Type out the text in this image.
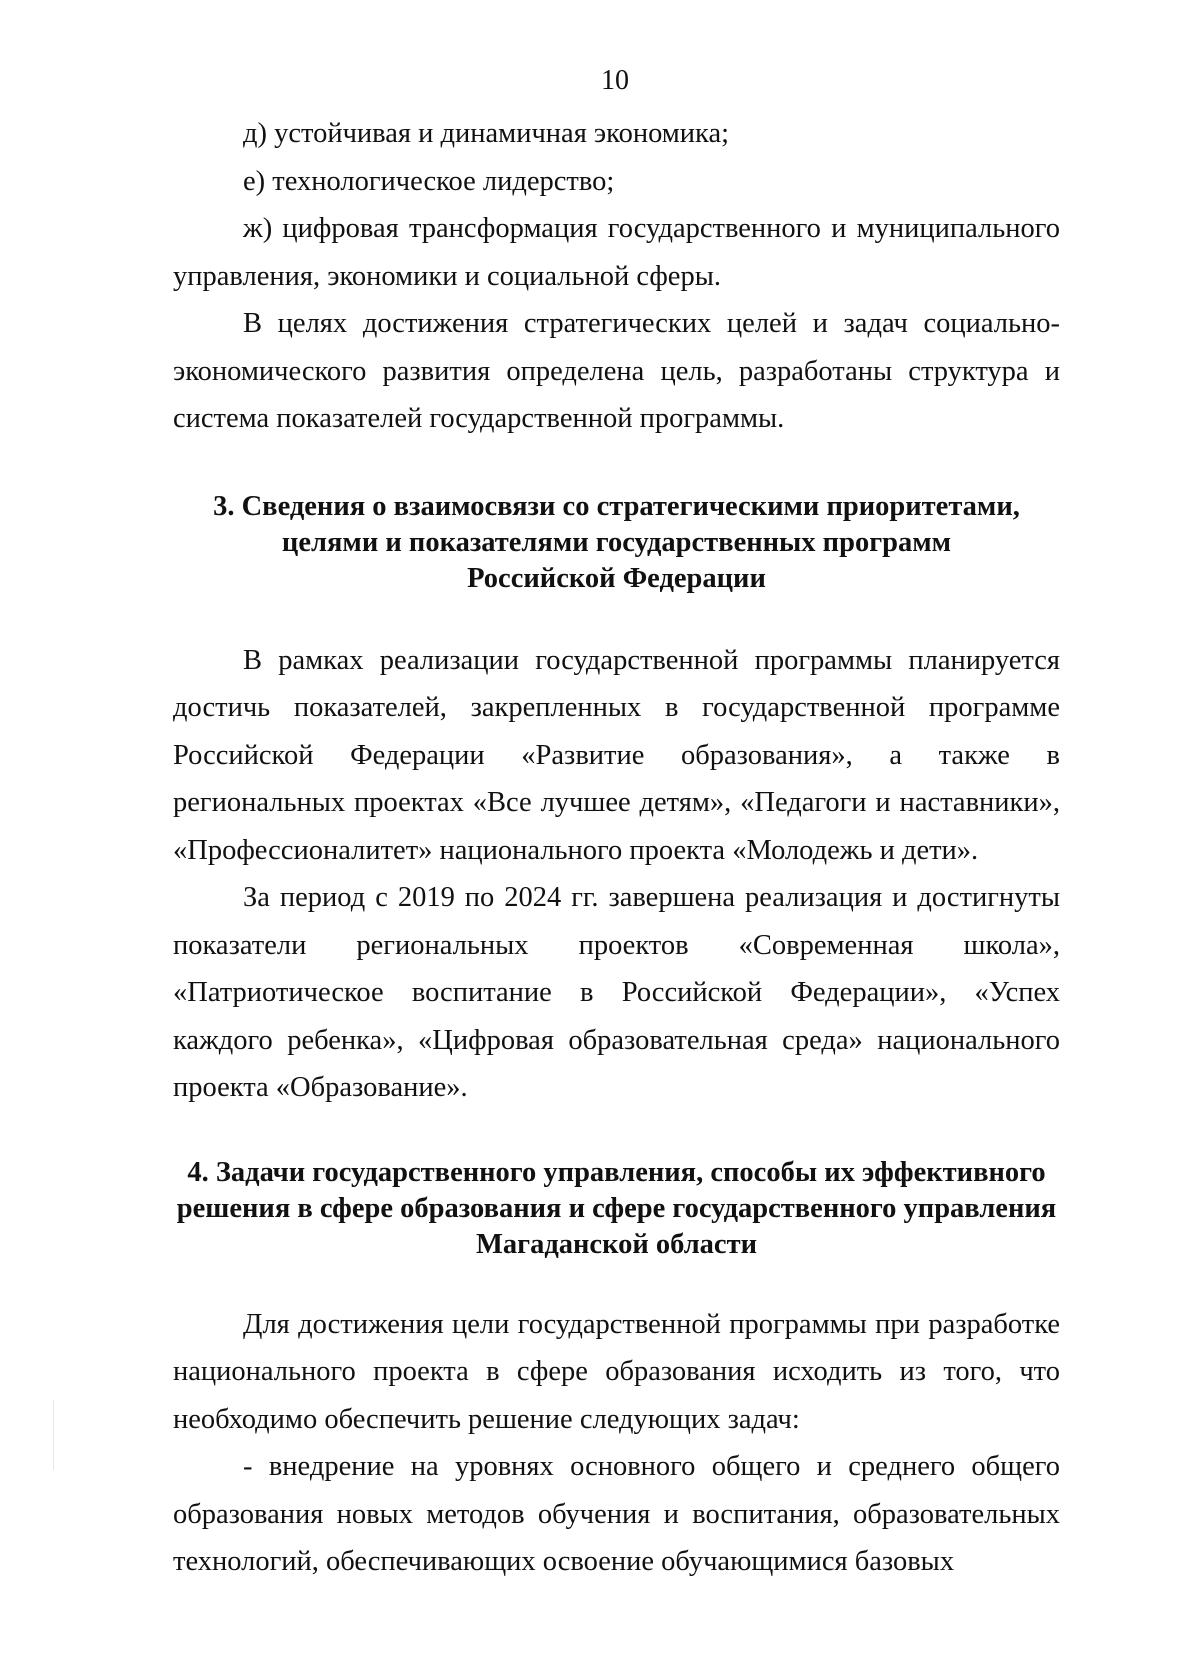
10

д) устойчивая и динамичная экономика;

е) технологическое лидерство;

ж) цифровая трансформация государственного и муниципального управления, экономики и социальной сферы.

В целях достижения стратегических целей и задач социально-экономического развития определена цель, разработаны структура и система показателей государственной программы.

3. Сведения о взаимосвязи со стратегическими приоритетами,
целями и показателями государственных программ
Российской Федерации

В рамках реализации государственной программы планируется достичь показателей, закрепленных в государственной программе Российской Федерации «Развитие образования», а также в региональных проектах «Все лучшее детям», «Педагоги и наставники», «Профессионалитет» национального проекта «Молодежь и дети».

За период с 2019 по 2024 гг. завершена реализация и достигнуты показатели региональных проектов «Современная школа», «Патриотическое воспитание в Российской Федерации», «Успех каждого ребенка», «Цифровая образовательная среда» национального проекта «Образование».

4. Задачи государственного управления, способы их эффективного
решения в сфере образования и сфере государственного управления
Магаданской области

Для достижения цели государственной программы при разработке национального проекта в сфере образования исходить из того, что необходимо обеспечить решение следующих задач:

- внедрение на уровнях основного общего и среднего общего образования новых методов обучения и воспитания, образовательных технологий, обеспечивающих освоение обучающимися базовых
